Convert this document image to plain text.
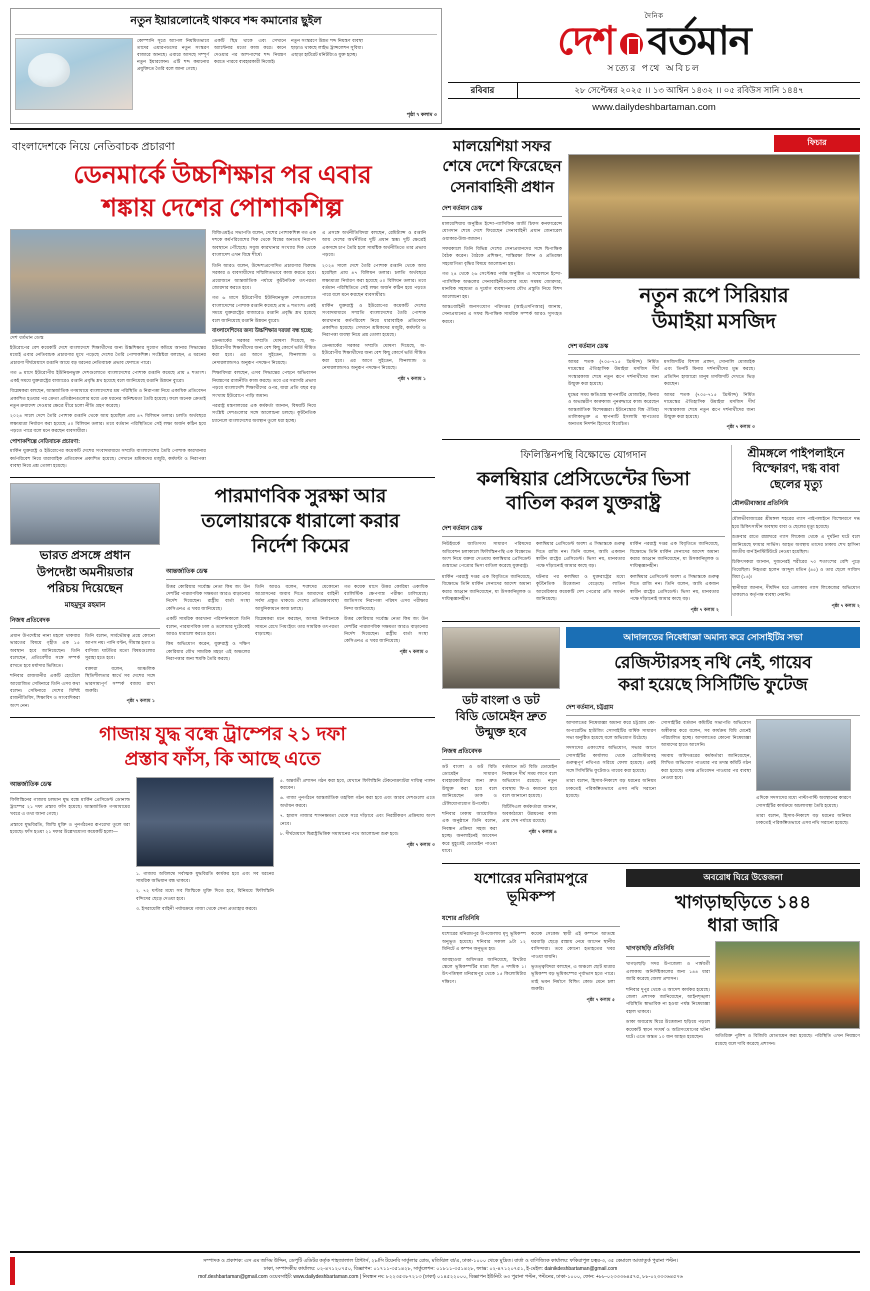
নতুন ইয়ারলোনেই থাকবে শব্দ কমানোর ছুইল
কোম্পানি সূত্রে অ্যাপল নিয়মিতভাবে তাদের এয়ারপডসের নতুন সংস্করণ বাজারে আনছে। এবারে আসছে সম্পূর্ণ নতুন ইয়ারফোন। এটি শব্দ কমানোর প্রযুক্তিতে তৈরি বলে জানা গেছে।
একটি ছিদ্র থাকে এবং সেখানে অ্যান্টেনার মতো কাজ করে। কানে দেওয়ার পর আশপাশের শব্দ নিয়ন্ত্রণ করতে পারবে ব্যবহারকারী নিজেই।
নতুন সংস্করণে উন্নত শব্দ নিয়ন্ত্রণ ব্যবস্থা ছাড়াও থাকছে লাইভ ট্রান্সলেশন সুবিধা। এছাড়া হার্টরেট মনিটরিংও যুক্ত হচ্ছে।
পৃষ্ঠা ৭ কলাম ৩
দৈনিক
দেশ বর্তমান
সত্যের পথে অবিচল
রবিবার	২৮ সেপ্টেম্বর ২০২৫ ।। ১৩ আশ্বিন ১৪৩২ ।। ০৫ রবিউস সানি ১৪৪৭
www.dailydeshbartaman.com
বাংলাদেশকে নিয়ে নেতিবাচক প্রচারণা
ডেনমার্কে উচ্চশিক্ষার পর এবার
শঙ্কায় দেশের পোশাকশিল্প
দেশ বর্তমান ডেস্ক

ইউরোপের বেশ কয়েকটি দেশে বাংলাদেশে শিক্ষার্থীদের জন্য উচ্চশিক্ষার সুযোগ কমিয়ে আনার সিদ্ধান্তের মধ্যেই এবার নেতিবাচক প্রচারণার মুখে পড়েছে দেশের তৈরি পোশাকশিল্প। সংশ্লিষ্টরা বলছেন, এ ধরনের প্রচারণা দীর্ঘমেয়াদে রপ্তানি আয়ে বড় ধরনের নেতিবাচক প্রভাব ফেলতে পারে।

গত ৬ মাসে ইউরোপীয় ইউনিয়নভুক্ত দেশগুলোতে বাংলাদেশের পোশাক রপ্তানি কমেছে প্রায় ৪ শতাংশ। একই সময়ে যুক্তরাষ্ট্রের বাজারেও রপ্তানি প্রবৃদ্ধি শ্লথ হয়েছে বলে জানিয়েছে রপ্তানি উন্নয়ন ব্যুরো।

বিশ্লেষকরা বলছেন, আন্তর্জাতিক গণমাধ্যমে বাংলাদেশের শ্রম পরিস্থিতি ও নিরাপত্তা নিয়ে একাধিক প্রতিবেদন প্রকাশিত হওয়ার পর ক্রেতা প্রতিষ্ঠানগুলোর মধ্যে এক ধরনের অনিশ্চয়তা তৈরি হয়েছে। ফলে অনেক ক্রেতাই নতুন ক্রয়াদেশ দেওয়ার ক্ষেত্রে ধীরে চলো নীতি গ্রহণ করেছে।

২০২৪ সালে দেশে তৈরি পোশাক রপ্তানি থেকে আয় হয়েছিল প্রায় ৪৭ বিলিয়ন ডলার। চলতি অর্থবছরে লক্ষ্যমাত্রা নির্ধারণ করা হয়েছে ৫০ বিলিয়ন ডলার। তবে বর্তমান পরিস্থিতিতে সেই লক্ষ্য অর্জন কঠিন হয়ে পড়তে পারে বলে মনে করছেন ব্যবসায়ীরা।

পোশাকশিল্পে নেতিবাচক প্রচারণা:

মার্কিন যুক্তরাষ্ট্র ও ইউরোপের কয়েকটি দেশের সংবাদমাধ্যমে সম্প্রতি বাংলাদেশের তৈরি পোশাক কারখানার কর্মপরিবেশ নিয়ে ধারাবাহিক প্রতিবেদন প্রকাশিত হয়েছে। সেখানে শ্রমিকদের মজুরি, কর্মঘণ্টা ও নিরাপত্তা ব্যবস্থা নিয়ে প্রশ্ন তোলা হয়েছে।

বিজিএমইএ সভাপতি বলেন, দেশের পোশাকশিল্প গত এক দশকে কর্মপরিবেশের দিক থেকে বিশ্বের অন্যতম নিরাপদ অবস্থানে পৌঁছেছে। সবুজ কারখানার সংখ্যার দিক থেকে বাংলাদেশ এখন বিশ্বে শীর্ষে।

তিনি আরও বলেন, উদ্দেশ্যপ্রণোদিত প্রচারণার বিরুদ্ধে সরকার ও ব্যবসায়ীদের সম্মিলিতভাবে কাজ করতে হবে। প্রয়োজনে আন্তর্জাতিক পর্যায়ে কূটনৈতিক তৎপরতা জোরদার করতে হবে।

গত ৬ মাসে ইউরোপীয় ইউনিয়নভুক্ত দেশগুলোতে বাংলাদেশের পোশাক রপ্তানি কমেছে প্রায় ৪ শতাংশ। একই সময়ে যুক্তরাষ্ট্রের বাজারেও রপ্তানি প্রবৃদ্ধি শ্লথ হয়েছে বলে জানিয়েছে রপ্তানি উন্নয়ন ব্যুরো।

বাংলাদেশিদের জন্য উচ্চশিক্ষার দরজা বন্ধ হচ্ছে:

ডেনমার্কের সরকার সম্প্রতি ঘোষণা দিয়েছে, অ-ইউরোপীয় শিক্ষার্থীদের জন্য বেশ কিছু কোর্সে ভর্তি সীমিত করা হবে। এর আগে সুইডেন, ফিনল্যান্ড ও নেদারল্যান্ডসও অনুরূপ পদক্ষেপ নিয়েছে।

শিক্ষাবিদরা বলছেন, এসব সিদ্ধান্তের পেছনে অভিবাসন নিয়ন্ত্রণের রাজনীতি কাজ করছে। তবে এর সরাসরি প্রভাব পড়বে বাংলাদেশি শিক্ষার্থীদের ওপর, যারা প্রতি বছর বড় সংখ্যায় ইউরোপে পাড়ি জমান।

পররাষ্ট্র মন্ত্রণালয়ের এক কর্মকর্তা জানান, বিষয়টি নিয়ে সংশ্লিষ্ট দেশগুলোর সঙ্গে আলোচনা চলছে। কূটনৈতিক চ্যানেলে বাংলাদেশের অবস্থান তুলে ধরা হচ্ছে।

এ প্রসঙ্গে অর্থনীতিবিদরা বলছেন, রেমিট্যান্স ও রপ্তানি আয় দেশের অর্থনীতির দুটি প্রধান স্তম্ভ। দুটি ক্ষেত্রেই একসঙ্গে চাপ তৈরি হলে সামষ্টিক অর্থনীতিতে তার প্রভাব পড়বে।

২০২৪ সালে দেশে তৈরি পোশাক রপ্তানি থেকে আয় হয়েছিল প্রায় ৪৭ বিলিয়ন ডলার। চলতি অর্থবছরে লক্ষ্যমাত্রা নির্ধারণ করা হয়েছে ৫০ বিলিয়ন ডলার। তবে বর্তমান পরিস্থিতিতে সেই লক্ষ্য অর্জন কঠিন হয়ে পড়তে পারে বলে মনে করছেন ব্যবসায়ীরা।

মার্কিন যুক্তরাষ্ট্র ও ইউরোপের কয়েকটি দেশের সংবাদমাধ্যমে সম্প্রতি বাংলাদেশের তৈরি পোশাক কারখানার কর্মপরিবেশ নিয়ে ধারাবাহিক প্রতিবেদন প্রকাশিত হয়েছে। সেখানে শ্রমিকদের মজুরি, কর্মঘণ্টা ও নিরাপত্তা ব্যবস্থা নিয়ে প্রশ্ন তোলা হয়েছে।

ডেনমার্কের সরকার সম্প্রতি ঘোষণা দিয়েছে, অ-ইউরোপীয় শিক্ষার্থীদের জন্য বেশ কিছু কোর্সে ভর্তি সীমিত করা হবে। এর আগে সুইডেন, ফিনল্যান্ড ও নেদারল্যান্ডসও অনুরূপ পদক্ষেপ নিয়েছে।

পৃষ্ঠা ৭ কলাম ১

ভারত প্রসঙ্গে প্রধান
উপদেষ্টা অমনীয়তার
পরিচয় দিয়েছেন
মাহমুদুর রহমান
নিজস্ব প্রতিবেদক

প্রধান উপদেষ্টার নানা মহলে থাকবার ভারতের বিষয়ে গৃহীত এক ১৫ অবস্থান হবে জানিয়েছেন। তিনি বলেছেন, প্রতিবেশীর সঙ্গে সম্পর্ক রাখতে হবে মর্যাদার ভিত্তিতে।

শনিবার রাজধানীর একটি হোটেলে আয়োজিত সেমিনারে তিনি এসব কথা বলেন। সেমিনারে দেশের বিশিষ্ট রাজনীতিবিদ, শিক্ষাবিদ ও সাংবাদিকরা অংশ নেন।

তিনি বলেন, সার্বভৌমত্ব প্রশ্নে কোনো আপস নয়। পানি বণ্টন, সীমান্ত হত্যা ও বাণিজ্য ঘাটতির মতো বিষয়গুলোর সুরাহা হতে হবে।

বক্তারা বলেন, আঞ্চলিক স্থিতিশীলতার স্বার্থে সব দেশের সঙ্গে ভারসাম্যপূর্ণ সম্পর্ক বজায় রাখা জরুরি।

পৃষ্ঠা ৭ কলাম ১

পারমাণবিক সুরক্ষা আর
তলোয়ারকে ধারালো করার
নির্দেশ কিমের
আন্তর্জাতিক ডেস্ক

উত্তর কোরিয়ার সর্বোচ্চ নেতা কিম জং উন দেশটির পারমাণবিক সক্ষমতা আরও বাড়ানোর নির্দেশ দিয়েছেন। রাষ্ট্রীয় বার্তা সংস্থা কেসিএনএ এ খবর জানিয়েছে।

একটি সামরিক কারখানা পরিদর্শনকালে তিনি বলেন, পারমাণবিক ঢাল ও তলোয়ার দুটোকেই আরও ধারালো করতে হবে।

কিম অভিযোগ করেন, যুক্তরাষ্ট্র ও দক্ষিণ কোরিয়ার যৌথ সামরিক মহড়া এই অঞ্চলের নিরাপত্তার জন্য হুমকি তৈরি করছে।

তিনি আরও বলেন, শত্রুদের যেকোনো আগ্রাসনের জবাব দিতে আমাদের বাহিনী সর্বদা প্রস্তুত থাকবে। দেশের প্রতিরক্ষাব্যবস্থা আধুনিকায়নে কাজ চলছে।

বিশ্লেষকরা মনে করছেন, আসন্ন নির্বাচনকে সামনে রেখে পিয়ংইয়ং তার সামরিক তৎপরতা বাড়াচ্ছে।

গত কয়েক মাসে উত্তর কোরিয়া একাধিক ব্যালিস্টিক ক্ষেপণাস্ত্র পরীক্ষা চালিয়েছে। জাতিসংঘ নিরাপত্তা পরিষদ এসব পরীক্ষার নিন্দা জানিয়েছে।

উত্তর কোরিয়ার সর্বোচ্চ নেতা কিম জং উন দেশটির পারমাণবিক সক্ষমতা আরও বাড়ানোর নির্দেশ দিয়েছেন। রাষ্ট্রীয় বার্তা সংস্থা কেসিএনএ এ খবর জানিয়েছে।

পৃষ্ঠা ৭ কলাম ৩

গাজায় যুদ্ধ বন্ধে ট্রাম্পের ২১ দফা
প্রস্তাব ফাঁস, কি আছে এতে
আন্তর্জাতিক ডেস্ক

ফিলিস্তিনের গাজায় চলমান যুদ্ধ বন্ধে মার্কিন প্রেসিডেন্ট ডোনাল্ড ট্রাম্পের ২১ দফা প্রস্তাব ফাঁস হয়েছে। আন্তর্জাতিক গণমাধ্যমের খবরে এ তথ্য জানা গেছে।

প্রস্তাবে যুদ্ধবিরতি, জিম্মি মুক্তি ও পুনর্গঠনের রূপরেখা তুলে ধরা হয়েছে। ফাঁস হওয়া ২১ দফার উল্লেখযোগ্য কয়েকটি হলো—

১. গাজায় অবিলম্বে সর্বাত্মক যুদ্ধবিরতি কার্যকর হবে এবং সব ধরনের সামরিক অভিযান বন্ধ থাকবে।

২. ৭২ ঘণ্টার মধ্যে সব জিম্মিকে মুক্তি দিতে হবে, বিনিময়ে ফিলিস্তিনি বন্দিদের ছেড়ে দেওয়া হবে।

৩. ইসরায়েলি বাহিনী পর্যায়ক্রমে গাজা থেকে সেনা প্রত্যাহার করবে।

৫. অন্তর্বর্তী প্রশাসন গঠন করা হবে, যেখানে ফিলিস্তিনি টেকনোক্র্যাটরা দায়িত্ব পালন করবেন।

৬. গাজা পুনর্গঠনে আন্তর্জাতিক তহবিল গঠন করা হবে এবং আরব দেশগুলো এতে অর্থায়ন করবে।

৭. হামাস গাজার শাসনক্ষমতা থেকে সরে দাঁড়াবে এবং নিরস্ত্রীকরণ প্রক্রিয়ায় অংশ নেবে।

৮. দীর্ঘমেয়াদে দ্বিরাষ্ট্রভিত্তিক সমাধানের পথে আলোচনা শুরু হবে।

পৃষ্ঠা ৭ কলাম ৩

মালয়েশিয়া সফর শেষে দেশে ফিরেছেন সেনাবাহিনী প্রধান
দেশ বর্তমান ডেস্ক

মালয়েশিয়ায় অনুষ্ঠিত ইন্দো-প্যাসিফিক আর্মি চিফস কনফারেন্সে যোগদান শেষে দেশে ফিরেছেন সেনাবাহিনী প্রধান জেনারেল ওয়াকার-উজ-জামান।

সফরকালে তিনি বিভিন্ন দেশের সেনাপ্রধানদের সঙ্গে দ্বিপাক্ষিক বৈঠক করেন। বৈঠকে প্রশিক্ষণ, শান্তিরক্ষা মিশন ও প্রতিরক্ষা সহযোগিতা বৃদ্ধির বিষয়ে আলোচনা হয়।

গত ২৪ থেকে ২৬ সেপ্টেম্বর পর্যন্ত অনুষ্ঠিত এ সম্মেলনে ইন্দো-প্যাসিফিক অঞ্চলের সেনাবাহিনীগুলোর মধ্যে সমন্বয় জোরদার, মানবিক সহায়তা ও দুর্যোগ ব্যবস্থাপনায় যৌথ প্রস্তুতি নিয়ে বিশদ আলোচনা হয়।

আন্তঃবাহিনী জনসংযোগ পরিদপ্তর (আইএসপিআর) জানায়, সেনাপ্রধানের এ সফর দ্বিপাক্ষিক সামরিক সম্পর্ক আরও সুসংহত করবে।

ফিচার
নতুন রূপে সিরিয়ার
উমাইয়া মসজিদ
দেশ বর্তমান ডেস্ক

আমর শতক (৭০৫-৭১৫ খ্রিস্টাব্দ) নির্মিত দামেস্কের ঐতিহাসিক উমাইয়া মসজিদ দীর্ঘ সংস্কারকাজ শেষে নতুন রূপে দর্শনার্থীদের জন্য উন্মুক্ত করা হয়েছে।

যুদ্ধের সময় ক্ষতিগ্রস্ত স্থাপনাটির মোজাইক, মিনার ও অভ্যন্তরীণ কারুকাজ পুনরুদ্ধারে কাজ করেছেন আন্তর্জাতিক বিশেষজ্ঞরা। ইউনেস্কোর বিশ্ব ঐতিহ্য তালিকাভুক্ত এ স্থাপনাটি ইসলামি স্থাপত্যের অন্যতম নিদর্শন হিসেবে বিবেচিত।

মসজিদটির বিশাল প্রাঙ্গণ, সোনালি মোজাইক এবং তিনটি মিনার দর্শনার্থীদের মুগ্ধ করছে। প্রতিদিন হাজারো মানুষ মসজিদটি দেখতে ভিড় করছেন।

আমর শতক (৭০৫-৭১৫ খ্রিস্টাব্দ) নির্মিত দামেস্কের ঐতিহাসিক উমাইয়া মসজিদ দীর্ঘ সংস্কারকাজ শেষে নতুন রূপে দর্শনার্থীদের জন্য উন্মুক্ত করা হয়েছে।

পৃষ্ঠা ৭ কলাম ৩

ফিলিস্তিনপন্থি বিক্ষোভে যোগদান
কলম্বিয়ার প্রেসিডেন্টের ভিসা
বাতিল করল যুক্তরাষ্ট্র
দেশ বর্তমান ডেস্ক

নিউইয়র্কে জাতিসংঘ সাধারণ পরিষদের অধিবেশন চলাকালে ফিলিস্তিনপন্থি এক বিক্ষোভে অংশ নিয়ে বক্তব্য দেওয়ায় কলম্বিয়ার প্রেসিডেন্ট গুস্তাভো পেত্রোর ভিসা বাতিল করেছে যুক্তরাষ্ট্র।

মার্কিন পররাষ্ট্র দপ্তর এক বিবৃতিতে জানিয়েছে, বিক্ষোভে তিনি মার্কিন সেনাদের আদেশ অমান্য করার আহ্বান জানিয়েছেন, যা উসকানিমূলক ও দায়িত্বজ্ঞানহীন।

কলম্বিয়ার প্রেসিডেন্ট অবশ্য এ সিদ্ধান্তকে গুরুত্ব দিতে রাজি নন। তিনি বলেন, আমি একজন স্বাধীন রাষ্ট্রের প্রেসিডেন্ট। ভিসা নয়, মানবতার পক্ষে দাঁড়ানোই আমার কাছে বড়।

ঘটনার পর কলম্বিয়া ও যুক্তরাষ্ট্রের মধ্যে কূটনৈতিক উত্তেজনা বেড়েছে। লাতিন আমেরিকার কয়েকটি দেশ পেত্রোর প্রতি সমর্থন জানিয়েছে।

মার্কিন পররাষ্ট্র দপ্তর এক বিবৃতিতে জানিয়েছে, বিক্ষোভে তিনি মার্কিন সেনাদের আদেশ অমান্য করার আহ্বান জানিয়েছেন, যা উসকানিমূলক ও দায়িত্বজ্ঞানহীন।

কলম্বিয়ার প্রেসিডেন্ট অবশ্য এ সিদ্ধান্তকে গুরুত্ব দিতে রাজি নন। তিনি বলেন, আমি একজন স্বাধীন রাষ্ট্রের প্রেসিডেন্ট। ভিসা নয়, মানবতার পক্ষে দাঁড়ানোই আমার কাছে বড়।

পৃষ্ঠা ৭ কলাম ২

শ্রীমঙ্গলে পাইপলাইনে
বিস্ফোরণ, দগ্ধ বাবা
ছেলের মৃত্যু
মৌলভীবাজার প্রতিনিধি

মৌলভীবাজারের শ্রীমঙ্গল শহরের গ্যাস পাইপলাইনে বিস্ফোরণে দগ্ধ হয়ে চিকিৎসাধীন অবস্থায় বাবা ও ছেলের মৃত্যু হয়েছে।

শুক্রবার রাতে রান্নাঘরে গ্যাস লিকেজ থেকে এ দুর্ঘটনা ঘটে বলে জানিয়েছে ফায়ার সার্ভিস। আহত অবস্থায় তাদের ঢাকায় শেখ হাসিনা জাতীয় বার্ন ইনস্টিটিউটে নেওয়া হয়েছিল।

চিকিৎসকরা জানান, দুজনেরই শরীরের ৭০ শতাংশের বেশি পুড়ে গিয়েছিল। নিহতরা হলেন আব্দুল মতিন (৪৫) ও তার ছেলে সাজিদ মিয়া (১৪)।

স্থানীয়রা জানান, দীর্ঘদিন ধরে এলাকায় গ্যাস লিকেজের অভিযোগ থাকলেও কর্তৃপক্ষ ব্যবস্থা নেয়নি।

পৃষ্ঠা ৭ কলাম ২

ডট বাংলা ও ডট
বিডি ডোমেইন দ্রুত
উন্মুক্ত হবে
নিজস্ব প্রতিবেদক

ডট বাংলা ও ডট বিডি ডোমেইন সাধারণ ব্যবহারকারীদের জন্য দ্রুত উন্মুক্ত করা হবে বলে জানিয়েছেন ডাক ও টেলিযোগাযোগ উপদেষ্টা।

শনিবার ঢাকায় আয়োজিত এক অনুষ্ঠানে তিনি বলেন, নিবন্ধন প্রক্রিয়া সহজ করা হচ্ছে। অনলাইনেই আবেদন করে মুহূর্তেই ডোমেইন পাওয়া যাবে।

বর্তমানে ডট বিডি ডোমেইন নিবন্ধনে দীর্ঘ সময় লাগে বলে অভিযোগ রয়েছে। নতুন ব্যবস্থায় ফি-ও কমানো হবে বলে জানানো হয়েছে।

বিটিসিএল কর্মকর্তারা জানান, অবকাঠামো উন্নয়নের কাজ প্রায় শেষ পর্যায়ে রয়েছে।

পৃষ্ঠা ৭ কলাম ৪

আদালতের নিষেধাজ্ঞা অমান্য করে সোসাইটির সভা
রেজিস্টারসহ নথি নেই, গায়েব
করা হয়েছে সিসিটিভি ফুটেজ
দেশ বর্তমান, চট্টগ্রাম

আদালতের নিষেধাজ্ঞা অমান্য করে চট্টগ্রাম কো-অপারেটিভ হাউজিং সোসাইটির বার্ষিক সাধারণ সভা অনুষ্ঠিত হয়েছে বলে অভিযোগ উঠেছে।

সদস্যদের একাংশের অভিযোগ, সভার আগে সোসাইটির কার্যালয় থেকে রেজিস্টারসহ গুরুত্বপূর্ণ নথিপত্র সরিয়ে ফেলা হয়েছে। একই সঙ্গে সিসিটিভি ফুটেজও গায়েব করা হয়েছে।

তারা বলেন, হিসাব-নিকাশে বড় ধরনের অনিয়ম ঢাকতেই পরিকল্পিতভাবে এসব নথি সরানো হয়েছে।

সোসাইটির বর্তমান কমিটির সভাপতি অভিযোগ অস্বীকার করে বলেন, সব কার্যক্রম বিধি মেনেই পরিচালিত হচ্ছে। আদালতের কোনো নিষেধাজ্ঞা আমাদের হাতে আসেনি।

সমবায় অধিদপ্তরের কর্মকর্তারা জানিয়েছেন, লিখিত অভিযোগ পাওয়ার পর তদন্ত কমিটি গঠন করা হয়েছে। তদন্ত প্রতিবেদন পাওয়ার পর ব্যবস্থা নেওয়া হবে।

এদিকে সদস্যদের মধ্যে পাল্টাপাল্টি অবস্থানের কারণে সোসাইটির কার্যক্রমে অচলাবস্থা তৈরি হয়েছে।

তারা বলেন, হিসাব-নিকাশে বড় ধরনের অনিয়ম ঢাকতেই পরিকল্পিতভাবে এসব নথি সরানো হয়েছে।

যশোরের মনিরামপুরে
ভূমিকম্প
যশোর প্রতিনিধি

যশোরের মনিরামপুর উপজেলায় মৃদু ভূমিকম্প অনুভূত হয়েছে। শনিবার সকাল ৯টা ১২ মিনিটে এ কম্পন অনুভূত হয়।

আবহাওয়া অধিদপ্তর জানিয়েছে, রিখটার স্কেলে ভূমিকম্পটির মাত্রা ছিল ৪ দশমিক ১। উৎপত্তিস্থল মনিরামপুর থেকে ১৫ কিলোমিটার দক্ষিণে।

কয়েক সেকেন্ড স্থায়ী এই কম্পনে আতঙ্কে ঘরবাড়ি ছেড়ে রাস্তায় নেমে আসেন স্থানীয় বাসিন্দারা। তবে কোনো হতাহতের খবর পাওয়া যায়নি।

ভূতত্ত্ববিদরা বলছেন, এ অঞ্চলে ছোট মাত্রার ভূমিকম্প বড় ভূমিকম্পের পূর্বাভাস হতে পারে। তাই ভবন নির্মাণে বিল্ডিং কোড মেনে চলা জরুরি।

পৃষ্ঠা ৭ কলাম ৫

অবরোধ ঘিরে উত্তেজনা
খাগড়াছড়িতে ১৪৪
ধারা জারি
খাগড়াছড়ি প্রতিনিধি

খাগড়াছড়ি সদর উপজেলা ও পার্শ্ববর্তী এলাকায় অনির্দিষ্টকালের জন্য ১৪৪ ধারা জারি করেছে জেলা প্রশাসন।

শনিবার দুপুর থেকে এ আদেশ কার্যকর হয়েছে। জেলা প্রশাসক জানিয়েছেন, আইনশৃঙ্খলা পরিস্থিতি স্বাভাবিক না হওয়া পর্যন্ত নিষেধাজ্ঞা বহাল থাকবে।

ডাকা অবরোধ ঘিরে উত্তেজনা ছড়িয়ে পড়লে কয়েকটি স্থানে সংঘর্ষ ও অগ্নিসংযোগের ঘটনা ঘটে। এতে অন্তত ১০ জন আহত হয়েছেন।	অতিরিক্ত পুলিশ ও বিজিবি মোতায়েন করা হয়েছে। পরিস্থিতি এখন নিয়ন্ত্রণে রয়েছে বলে দাবি করেছে প্রশাসন।

সম্পাদক ও প্রকাশক: এস এম জসিম উদ্দিন, ডেপুটি এডিটর কর্তৃক শাহজালাল প্রিন্টার্স, ২৮/সি টয়েনবি সার্কুলার রোড, মতিঝিল বা/এ, ঢাকা-১০০০ থেকে মুদ্রিত। বার্তা ও বাণিজ্যিক কার্যালয়: ফকিরাপুল চত্বর-৩, ৩৫ কেমালে আতাতুর্ক পুরানা পল্টন।
ঢাকা, সম্পাদকীয় কার্যালয়: ০২-৪৭১২০৭৫০, বিজ্ঞাপন: ০১৭১১-৩৫১৪২৮, সার্কুলেশন: ০১৮১১-৩৫১৪২৮, ফ্যাক্স: ০২-৪৭১২০৭৫১, ই-মেইল: dainikdeshbartaman@gmail.com
mof.deshbartaman@gmail.com ওয়েবসাইট: www.dailydeshbartaman.com | নিবন্ধন নং: ৮২২৩৫৩৮৭২১৩ (ঢাকা) ০১৪৫২২০০০, বিজ্ঞাপন ইউনিট: ৬৩ পুরানা পল্টন, পল্টনের, ঢাকা-১০০০, ফোন: +৮৮-০২৩৩৩৬৪৫৭৫, ৮৮-০২৩৩৩৬৪৫৭৬
